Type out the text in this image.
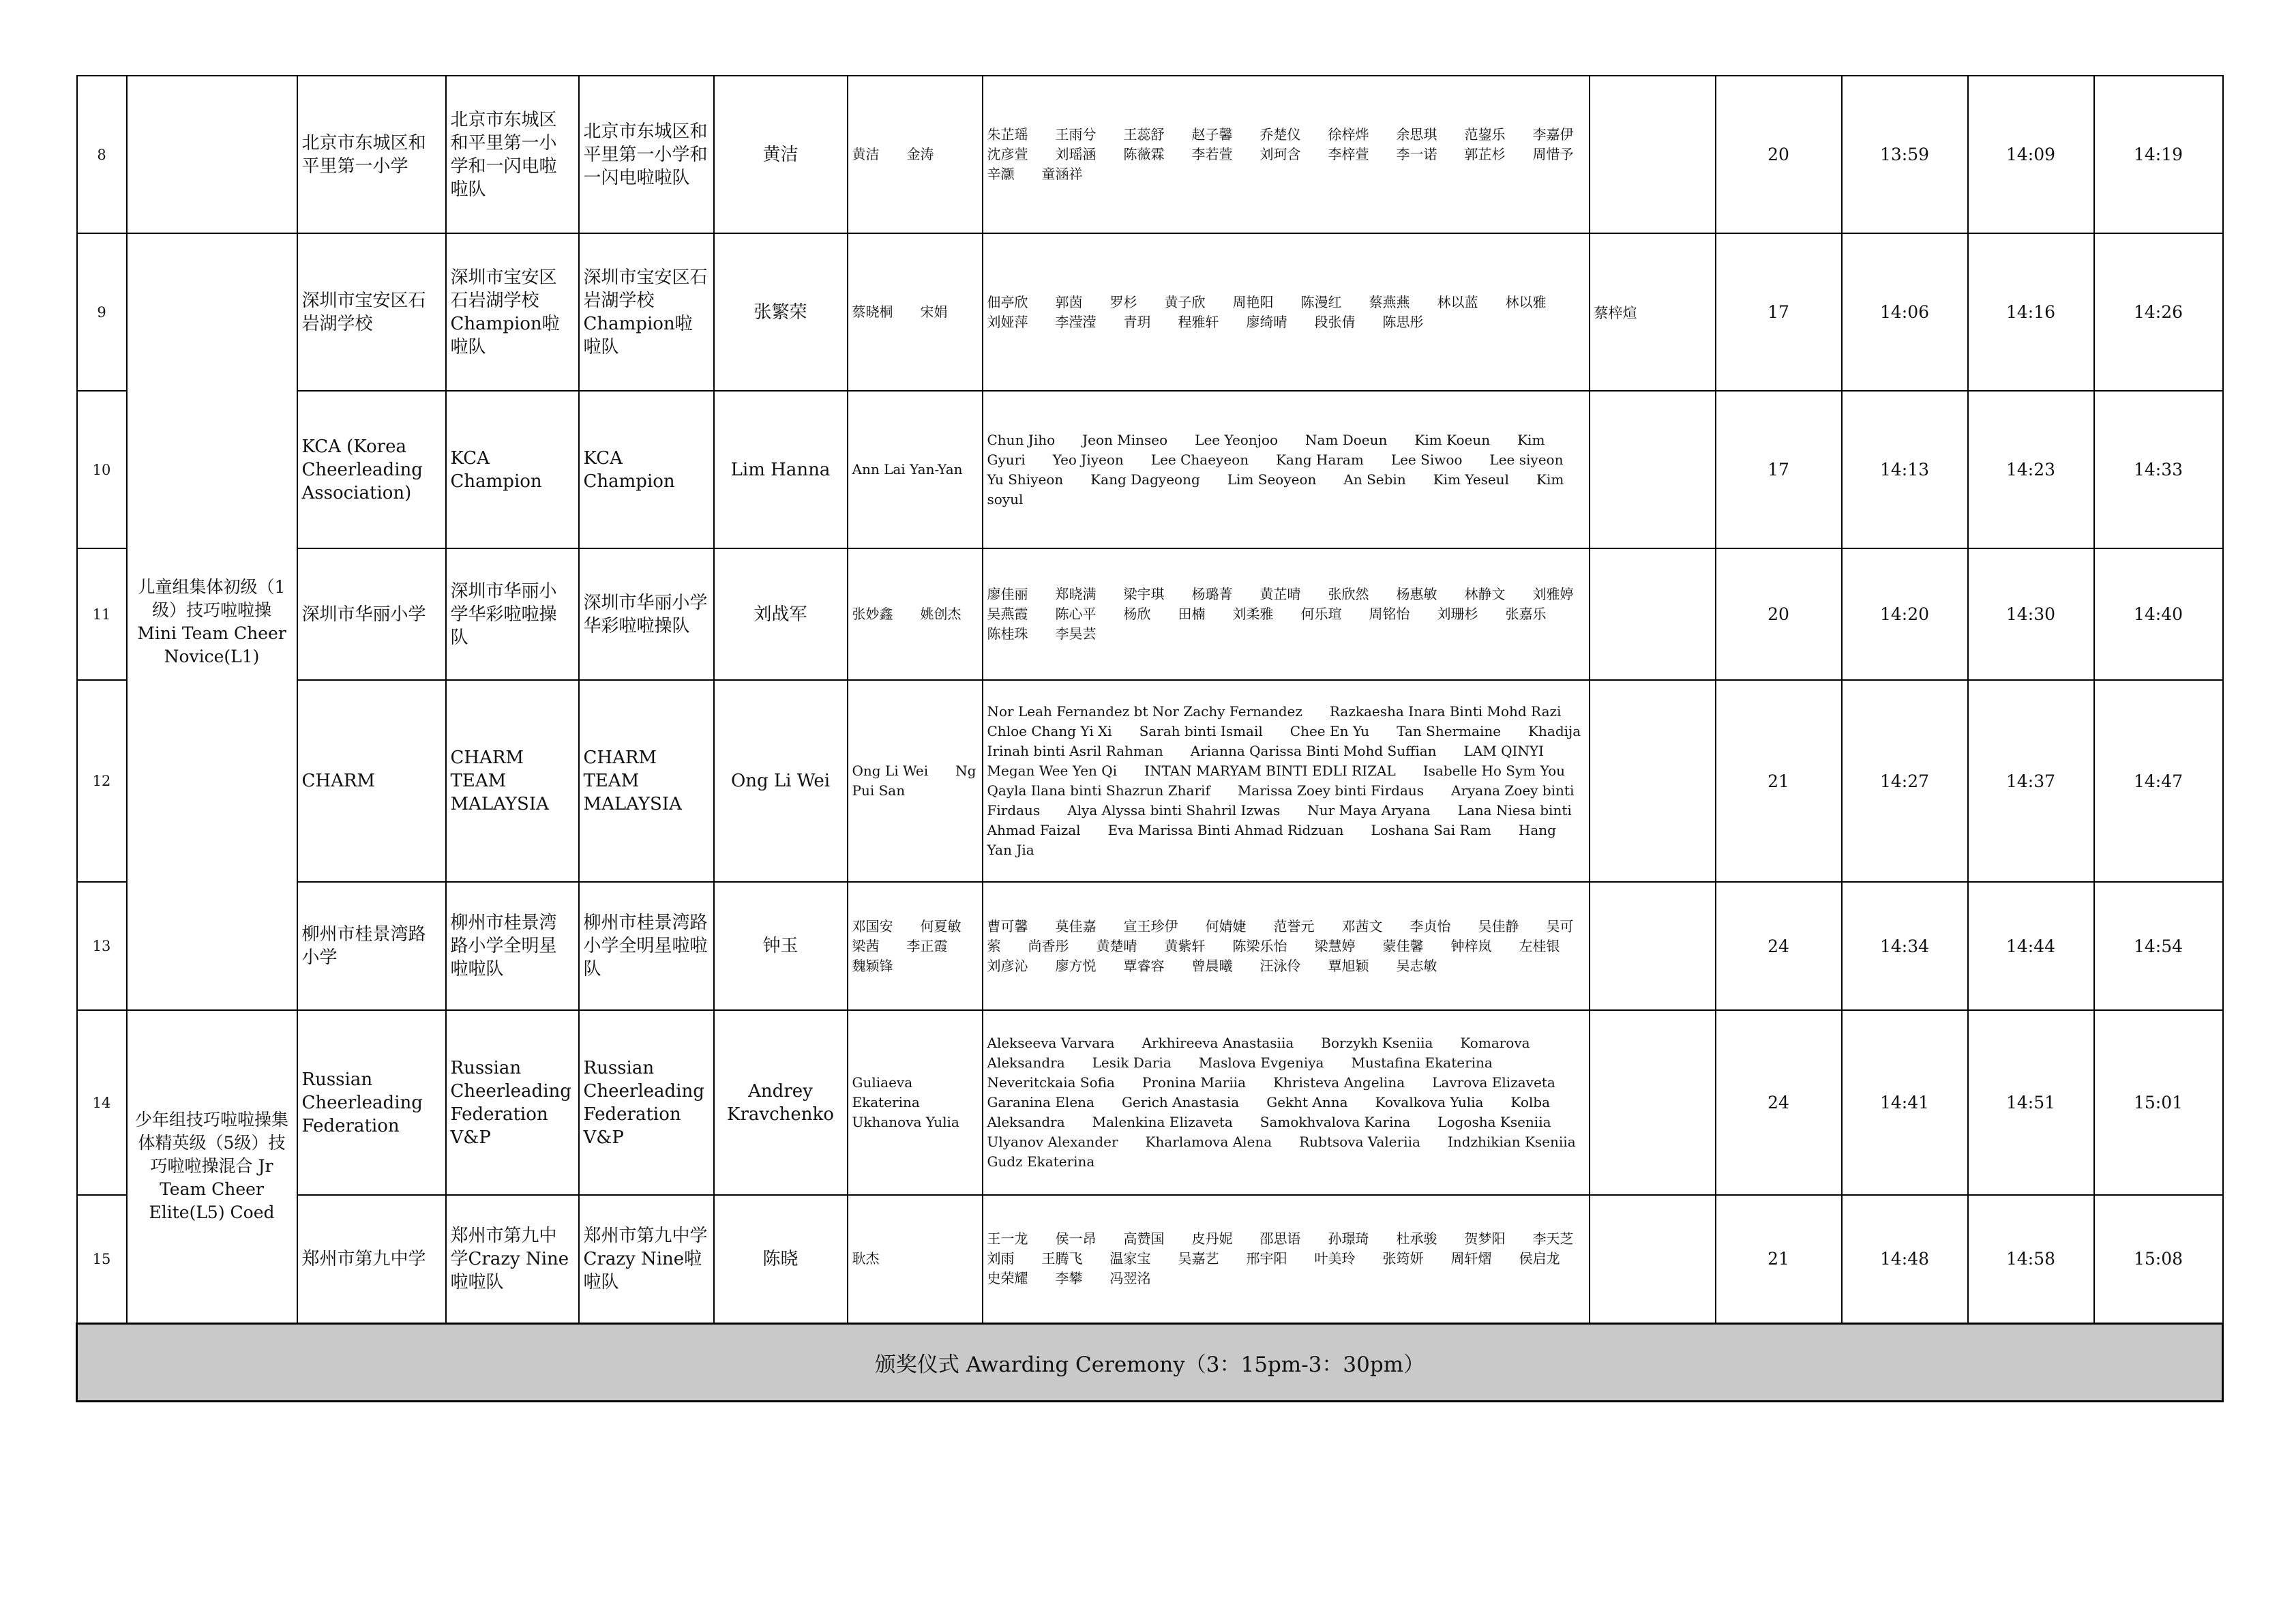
8		北京市东城区和平里第一小学	北京市东城区和平里第一小学和一闪电啦啦队	北京市东城区和平里第一小学和一闪电啦啦队	黄洁	黄洁　　金涛	朱芷瑶　　王雨兮　　王蕊舒　　赵子馨　　乔楚仪　　徐梓烨　　余思琪　　范鋆乐　　李嘉伊　　沈彦萱　　刘瑶涵　　陈薇霖　　李若萱　　刘珂含　　李梓萱　　李一诺　　郭芷杉　　周惜予　　辛灏　　童涵祥		20	13:59	14:09	14:19
9	儿童组集体初级（1级）技巧啦啦操 Mini Team Cheer Novice(L1)	深圳市宝安区石岩湖学校	深圳市宝安区石岩湖学校Champion啦啦队	深圳市宝安区石岩湖学校Champion啦啦队	张繁荣	蔡晓桐　　宋娟	佃亭欣　　郭茵　　罗杉　　黄子欣　　周艳阳　　陈漫红　　蔡燕燕　　林以蓝　　林以雅　　刘娅萍　　李滢滢　　青玥　　程雅轩　　廖绮晴　　段张倩　　陈思彤	蔡梓煊	17	14:06	14:16	14:26
10		KCA (Korea Cheerleading Association)	KCA Champion	KCA Champion	Lim Hanna	Ann Lai Yan-Yan	Chun Jiho　　Jeon Minseo　　Lee Yeonjoo　　Nam Doeun　　Kim Koeun　　Kim Gyuri　　Yeo Jiyeon　　Lee Chaeyeon　　Kang Haram　　Lee Siwoo　　Lee siyeon　　Yu Shiyeon　　Kang Dagyeong　　Lim Seoyeon　　An Sebin　　Kim Yeseul　　Kim soyul		17	14:13	14:23	14:33
11		深圳市华丽小学	深圳市华丽小学华彩啦啦操队	深圳市华丽小学华彩啦啦操队	刘战军	张妙鑫　　姚创杰	廖佳丽　　郑晓满　　梁宇琪　　杨璐菁　　黄芷晴　　张欣然　　杨惠敏　　林静文　　刘雅婷　　吴燕霞　　陈心平　　杨欣　　田楠　　刘柔雅　　何乐瑄　　周铭怡　　刘珊杉　　张嘉乐　　陈桂珠　　李昊芸		20	14:20	14:30	14:40
12		CHARM	CHARM TEAM MALAYSIA	CHARM TEAM MALAYSIA	Ong Li Wei	Ong Li Wei　　Ng Pui San	Nor Leah Fernandez bt Nor Zachy Fernandez　　Razkaesha Inara Binti Mohd Razi　　Chloe Chang Yi Xi　　Sarah binti Ismail　　Chee En Yu　　Tan Shermaine　　Khadija Irinah binti Asril Rahman　　Arianna Qarissa Binti Mohd Suffian　　LAM QINYI　　Megan Wee Yen Qi　　INTAN MARYAM BINTI EDLI RIZAL　　Isabelle Ho Sym You　　Qayla Ilana binti Shazrun Zharif　　Marissa Zoey binti Firdaus　　Aryana Zoey binti Firdaus　　Alya Alyssa binti Shahril Izwas　　Nur Maya Aryana　　Lana Niesa binti Ahmad Faizal　　Eva Marissa Binti Ahmad Ridzuan　　Loshana Sai Ram　　Hang Yan Jia		21	14:27	14:37	14:47
13		柳州市桂景湾路小学	柳州市桂景湾路小学全明星啦啦队	柳州市桂景湾路小学全明星啦啦队	钟玉	邓国安　　何夏敏　　梁茜　　李正霞　　魏颖锋	曹可馨　　莫佳嘉　　宣王珍伊　　何婧婕　　范誉元　　邓茜文　　李贞怡　　吴佳静　　吴可萦　　尚香彤　　黄楚晴　　黄紫轩　　陈梁乐怡　　梁慧婷　　蒙佳馨　　钟梓岚　　左桂银　　刘彦沁　　廖方悦　　覃睿容　　曾晨曦　　汪泳伶　　覃旭颖　　吴志敏		24	14:34	14:44	14:54
14	少年组技巧啦啦操集体精英级（5级）技巧啦啦操混合 Jr Team Cheer Elite(L5) Coed	Russian Cheerleading Federation	Russian Cheerleading Federation V&P	Russian Cheerleading Federation V&P	Andrey Kravchenko	Guliaeva Ekaterina Ukhanova Yulia	Alekseeva Varvara　　Arkhireeva Anastasiia　　Borzykh Kseniia　　Komarova Aleksandra　　Lesik Daria　　Maslova Evgeniya　　Mustafina Ekaterina　　Neveritckaia Sofia　　Pronina Mariia　　Khristeva Angelina　　Lavrova Elizaveta　　Garanina Elena　　Gerich Anastasia　　Gekht Anna　　Kovalkova Yulia　　Kolba Aleksandra　　Malenkina Elizaveta　　Samokhvalova Karina　　Logosha Kseniia　　Ulyanov Alexander　　Kharlamova Alena　　Rubtsova Valeriia　　Indzhikian Kseniia　　Gudz Ekaterina		24	14:41	14:51	15:01
15		郑州市第九中学	郑州市第九中学Crazy Nine啦啦队	郑州市第九中学Crazy Nine啦啦队	陈晓	耿杰	王一龙　　侯一昂　　高赞国　　皮丹妮　　邵思语　　孙璟琦　　杜承骏　　贺梦阳　　李天芝　　刘雨　　王腾飞　　温家宝　　吴嘉艺　　邢宇阳　　叶美玲　　张筠妍　　周轩熠　　侯启龙　　史荣耀　　李攀　　冯翌洺		21	14:48	14:58	15:08
颁奖仪式 Awarding Ceremony（3：15pm-3：30pm）												
